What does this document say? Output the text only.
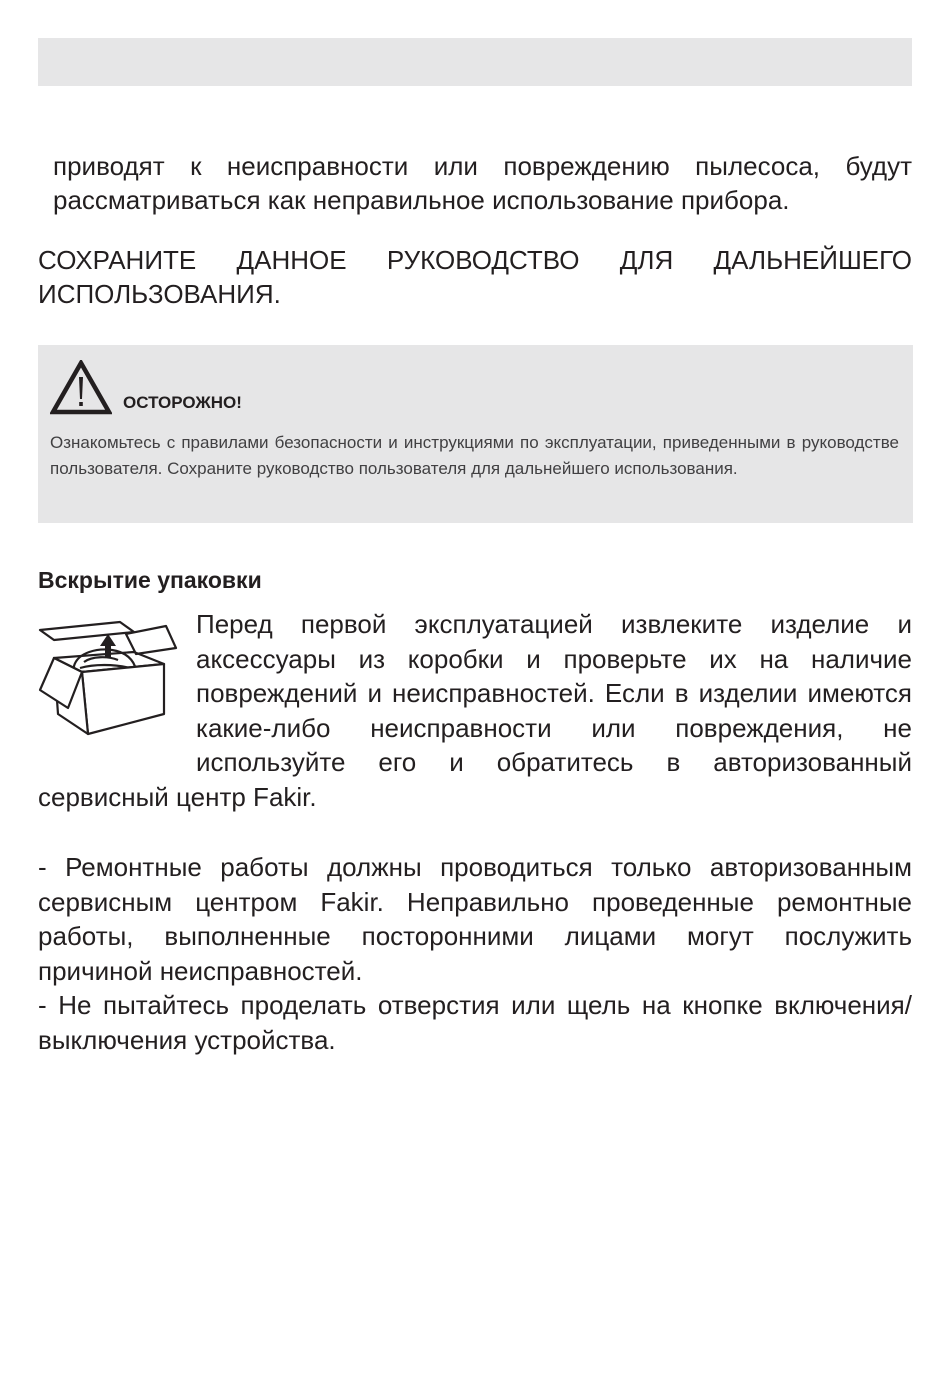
приводят к неисправности или повреждению пылесоса, будут рассматриваться как неправильное использование прибора.

СОХРАНИТЕ ДАННОЕ РУКОВОДСТВО ДЛЯ ДАЛЬНЕЙШЕГО ИСПОЛЬЗОВАНИЯ.

ОСТОРОЖНО!

Ознакомьтесь с правилами безопасности и инструкциями по эксплуатации, приведенными в руководстве пользователя. Сохраните руководство пользователя для дальнейшего использования.

Вскрытие упаковки

Перед первой эксплуатацией извлеките изделие и аксессуары из коробки и проверьте их на наличие повреждений и неисправностей. Если в изделии имеются какие-либо неисправности или повреждения, не используйте его и обратитесь в авторизованный сервисный центр Fakir.

- Ремонтные работы должны проводиться только авторизованным сервисным центром Fakir. Неправильно проведенные ремонтные работы, выполненные посторонними лицами могут послужить причиной неисправностей.

- Не пытайтесь проделать отверстия или щель на кнопке включения/выключения устройства.
